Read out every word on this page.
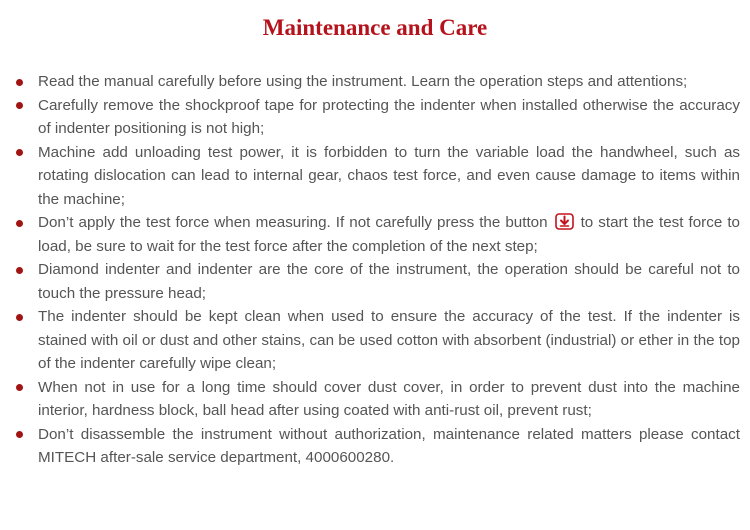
Maintenance and Care
Read the manual carefully before using the instrument. Learn the operation steps and attentions;
Carefully remove the shockproof tape for protecting the indenter when installed otherwise the accuracy of indenter positioning is not high;
Machine add unloading test power, it is forbidden to turn the variable load the handwheel, such as rotating dislocation can lead to internal gear, chaos test force, and even cause damage to items within the machine;
Don’t apply the test force when measuring. If not carefully press the button to start the test force to load, be sure to wait for the test force after the completion of the next step;
Diamond indenter and indenter are the core of the instrument, the operation should be careful not to touch the pressure head;
The indenter should be kept clean when used to ensure the accuracy of the test. If the indenter is stained with oil or dust and other stains, can be used cotton with absorbent (industrial) or ether in the top of the indenter carefully wipe clean;
When not in use for a long time should cover dust cover, in order to prevent dust into the machine interior, hardness block, ball head after using coated with anti-rust oil, prevent rust;
Don’t disassemble the instrument without authorization, maintenance related matters please contact MITECH after-sale service department, 4000600280.
